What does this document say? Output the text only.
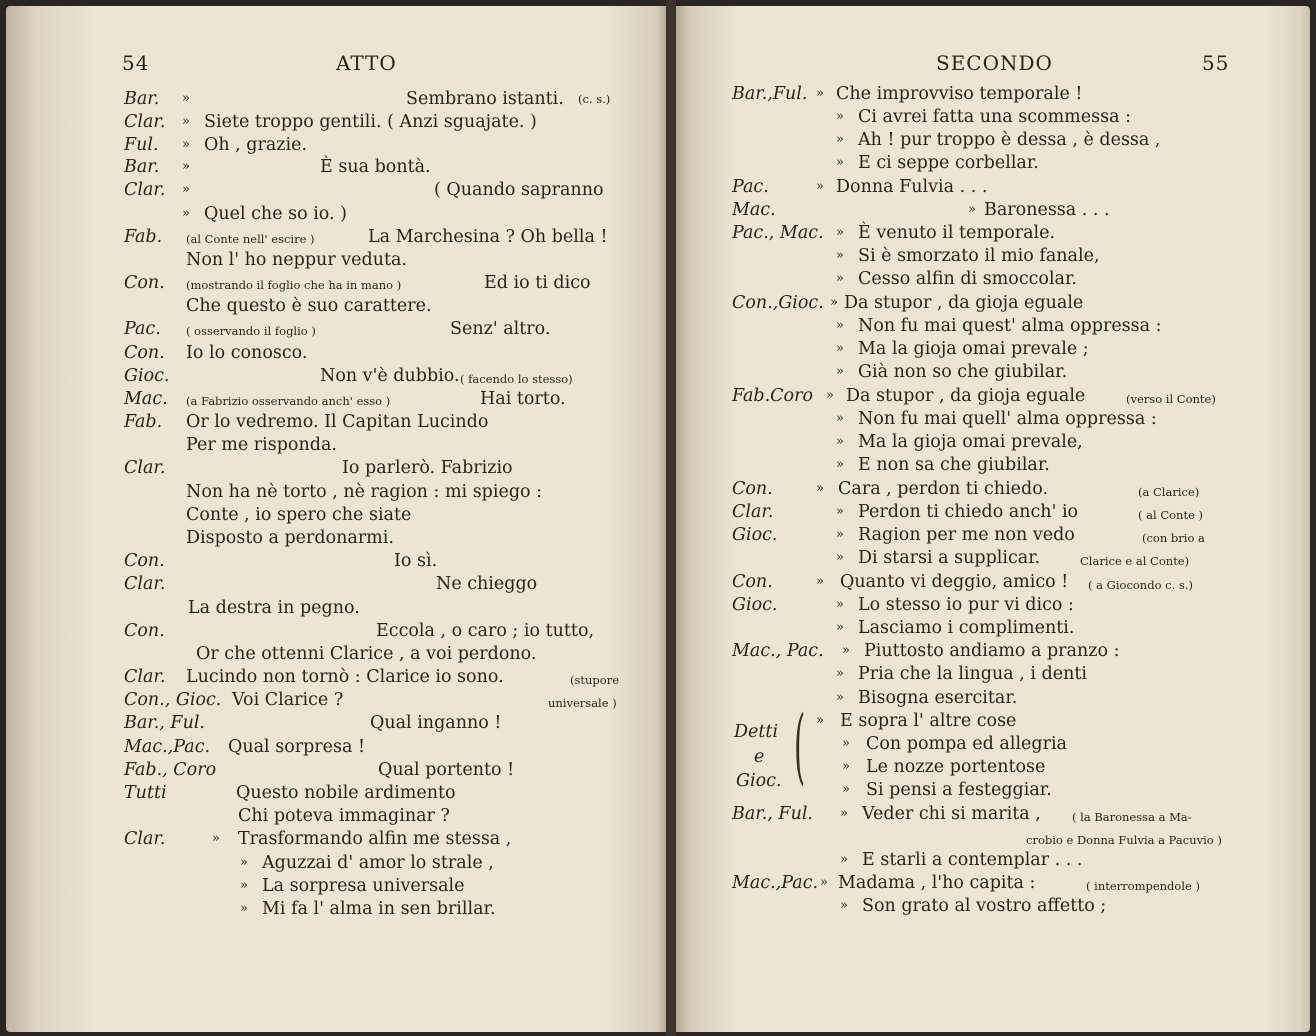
54	ATTO
Bar. »	Sembrano istanti. (c. s.)
Clar. » Siete troppo gentili. ( Anzi sguajate. )
Ful. » Oh , grazie.
Bar. »	È sua bontà.
Clar. »	( Quando sapranno
» Quel che so io. )
Fab. (al Conte nell' escire )	La Marchesina ? Oh bella !
Non l' ho neppur veduta.
Con. (mostrando il foglio che ha in mano )	Ed io ti dico
Che questo è suo carattere.
Pac. ( osservando il foglio )	Senz' altro.
Con. Io lo conosco.
Gioc.	Non v'è dubbio. ( facendo lo stesso)
Mac. (a Fabrizio osservando anch' esso )	Hai torto.
Fab. Or lo vedremo. Il Capitan Lucindo
Per me risponda.
Clar.	Io parlerò. Fabrizio
Non ha nè torto , nè ragion : mi spiego :
Conte , io spero che siate
Disposto a perdonarmi.
Con.	Io sì.
Clar.	Ne chieggo
La destra in pegno.
Con.	Eccola , o caro ; io tutto,
Or che ottenni Clarice , a voi perdono.
Clar. Lucindo non tornò : Clarice io sono.	(stupore
Con., Gioc. Voi Clarice ?	universale )
Bar., Ful.	Qual inganno !
Mac.,Pac. Qual sorpresa !
Fab., Coro	Qual portento !
Tutti	Questo nobile ardimento
Chi poteva immaginar ?
Clar.	» Trasformando alfin me stessa ,
» Aguzzai d' amor lo strale ,
» La sorpresa universale
» Mi fa l' alma in sen brillar.
SECONDO	55
Bar.,Ful. » Che improvviso temporale !
» Ci avrei fatta una scommessa :
» Ah ! pur troppo è dessa , è dessa ,
» E ci seppe corbellar.
Pac.	» Donna Fulvia . . .
Mac.	» Baronessa . . .
Pac., Mac. » È venuto il temporale.
» Si è smorzato il mio fanale,
» Cesso alfin di smoccolar.
Con.,Gioc. » Da stupor , da gioja eguale
» Non fu mai quest' alma oppressa :
» Ma la gioja omai prevale ;
» Già non so che giubilar.
Fab.Coro » Da stupor , da gioja eguale	(verso il Conte)
» Non fu mai quell' alma oppressa :
» Ma la gioja omai prevale,
» E non sa che giubilar.
Con.	» Cara , perdon ti chiedo.	(a Clarice)
Clar.	» Perdon ti chiedo anch' io	( al Conte )
Gioc.	» Ragion per me non vedo	(con brio a
» Di starsi a supplicar.	Clarice e al Conte)
Con.	» Quanto vi deggio, amico ! ( a Giocondo c. s.)
Gioc.	» Lo stesso io pur vi dico :
» Lasciamo i complimenti.
Mac., Pac. » Piuttosto andiamo a pranzo :
» Pria che la lingua , i denti
» Bisogna esercitar.
Detti
e
Gioc. ( » E sopra l' altre cose
» Con pompa ed allegria
» Le nozze portentose
» Si pensi a festeggiar.
Bar., Ful. » Veder chi si marita ,	( la Baronessa a Ma-
crobio e Donna Fulvia a Pacuvio )
» E starli a contemplar . . .
Mac.,Pac. » Madama , l'ho capita :	( interrompendole )
» Son grato al vostro affetto ;
